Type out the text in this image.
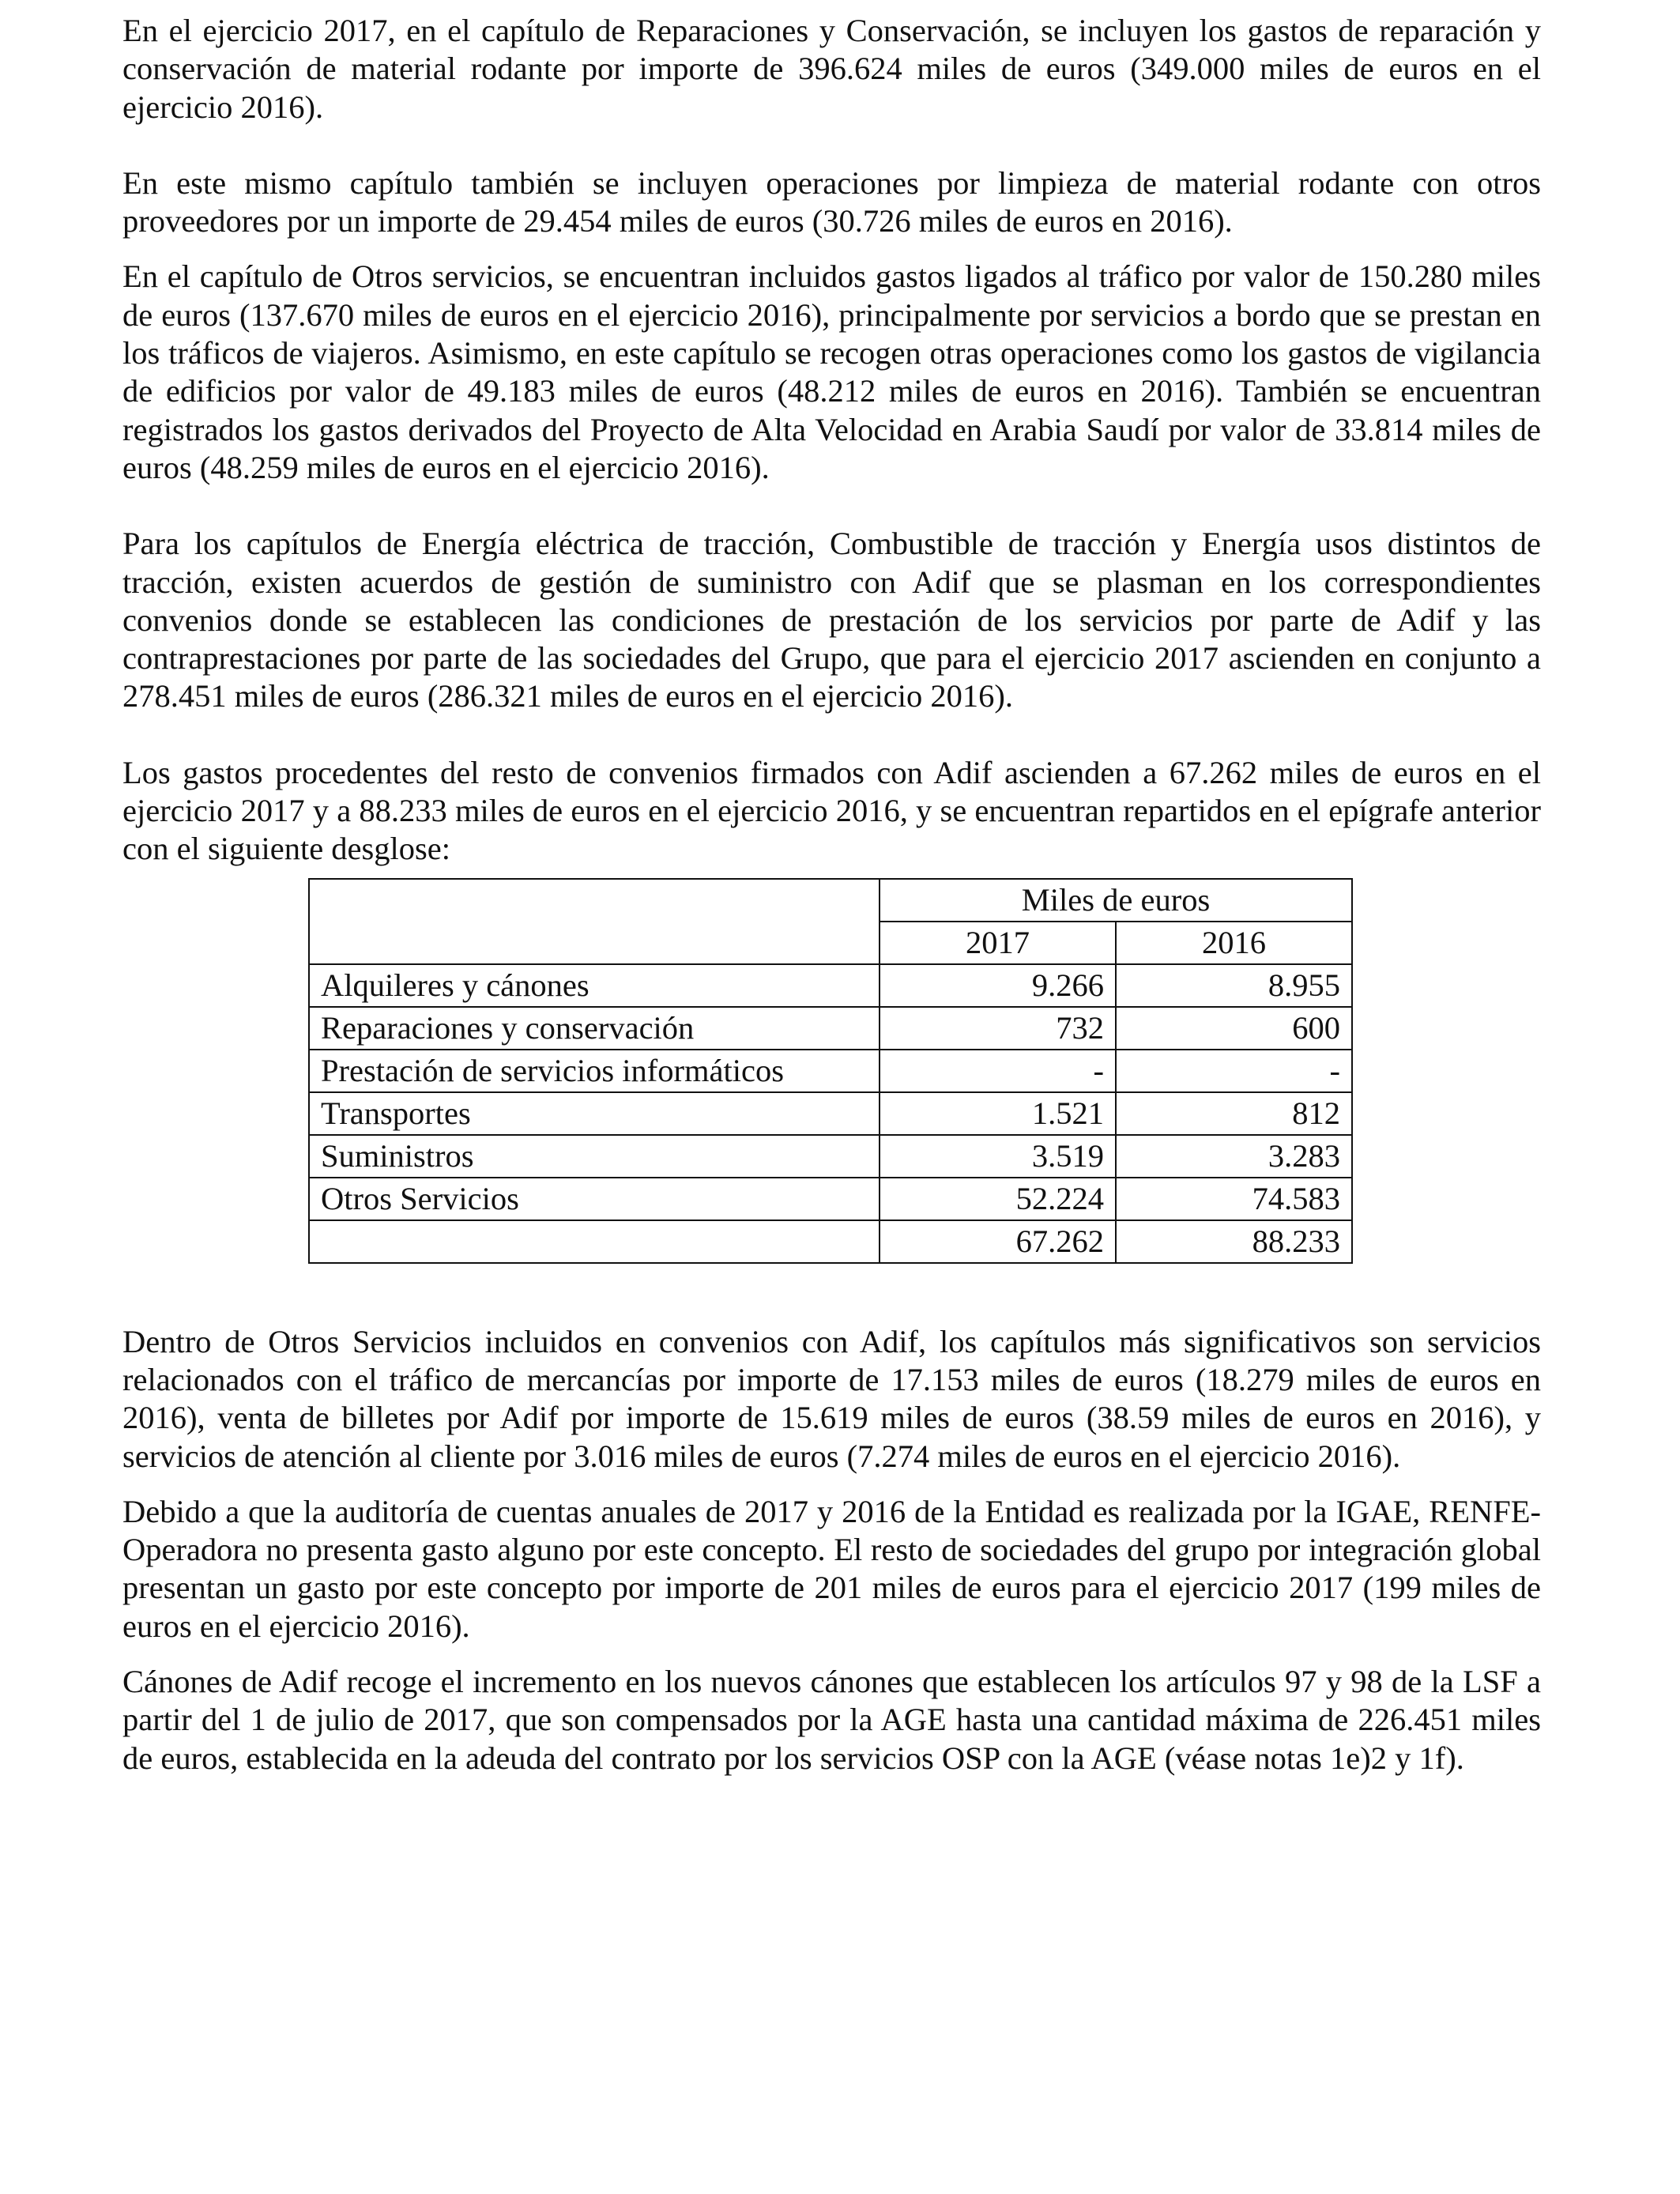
En el ejercicio 2017, en el capítulo de Reparaciones y Conservación, se incluyen los gastos de reparación y conservación de material rodante por importe de 396.624 miles de euros (349.000 miles de euros en el ejercicio 2016).

En este mismo capítulo también se incluyen operaciones por limpieza de material rodante con otros proveedores por un importe de 29.454 miles de euros (30.726 miles de euros en 2016).

En el capítulo de Otros servicios, se encuentran incluidos gastos ligados al tráfico por valor de 150.280 miles de euros (137.670 miles de euros en el ejercicio 2016), principalmente por servicios a bordo que se prestan en los tráficos de viajeros. Asimismo, en este capítulo se recogen otras operaciones como los gastos de vigilancia de edificios por valor de 49.183 miles de euros (48.212 miles de euros en 2016). También se encuentran registrados los gastos derivados del Proyecto de Alta Velocidad en Arabia Saudí por valor de 33.814 miles de euros (48.259 miles de euros en el ejercicio 2016).

Para los capítulos de Energía eléctrica de tracción, Combustible de tracción y Energía usos distintos de tracción, existen acuerdos de gestión de suministro con Adif que se plasman en los correspondientes convenios donde se establecen las condiciones de prestación de los servicios por parte de Adif y las contraprestaciones por parte de las sociedades del Grupo, que para el ejercicio 2017 ascienden en conjunto a 278.451 miles de euros (286.321 miles de euros en el ejercicio 2016).

Los gastos procedentes del resto de convenios firmados con Adif ascienden a 67.262 miles de euros en el ejercicio 2017 y a 88.233 miles de euros en el ejercicio 2016, y se encuentran repartidos en el epígrafe anterior con el siguiente desglose:

	Miles de euros	
	2017	2016
Alquileres y cánones	9.266	8.955
Reparaciones y conservación	732	600
Prestación de servicios informáticos	-	-
Transportes	1.521	812
Suministros	3.519	3.283
Otros Servicios	52.224	74.583
	67.262	88.233

Dentro de Otros Servicios incluidos en convenios con Adif, los capítulos más significativos son servicios relacionados con el tráfico de mercancías por importe de 17.153 miles de euros (18.279 miles de euros en 2016), venta de billetes por Adif por importe de 15.619 miles de euros (38.59 miles de euros en 2016), y servicios de atención al cliente por 3.016 miles de euros (7.274 miles de euros en el ejercicio 2016).

Debido a que la auditoría de cuentas anuales de 2017 y 2016 de la Entidad es realizada por la IGAE, RENFE-Operadora no presenta gasto alguno por este concepto. El resto de sociedades del grupo por integración global presentan un gasto por este concepto por importe de 201 miles de euros para el ejercicio 2017 (199 miles de euros en el ejercicio 2016).

Cánones de Adif recoge el incremento en los nuevos cánones que establecen los artículos 97 y 98 de la LSF a partir del 1 de julio de 2017, que son compensados por la AGE hasta una cantidad máxima de 226.451 miles de euros, establecida en la adeuda del contrato por los servicios OSP con la AGE (véase notas 1e)2 y 1f).
